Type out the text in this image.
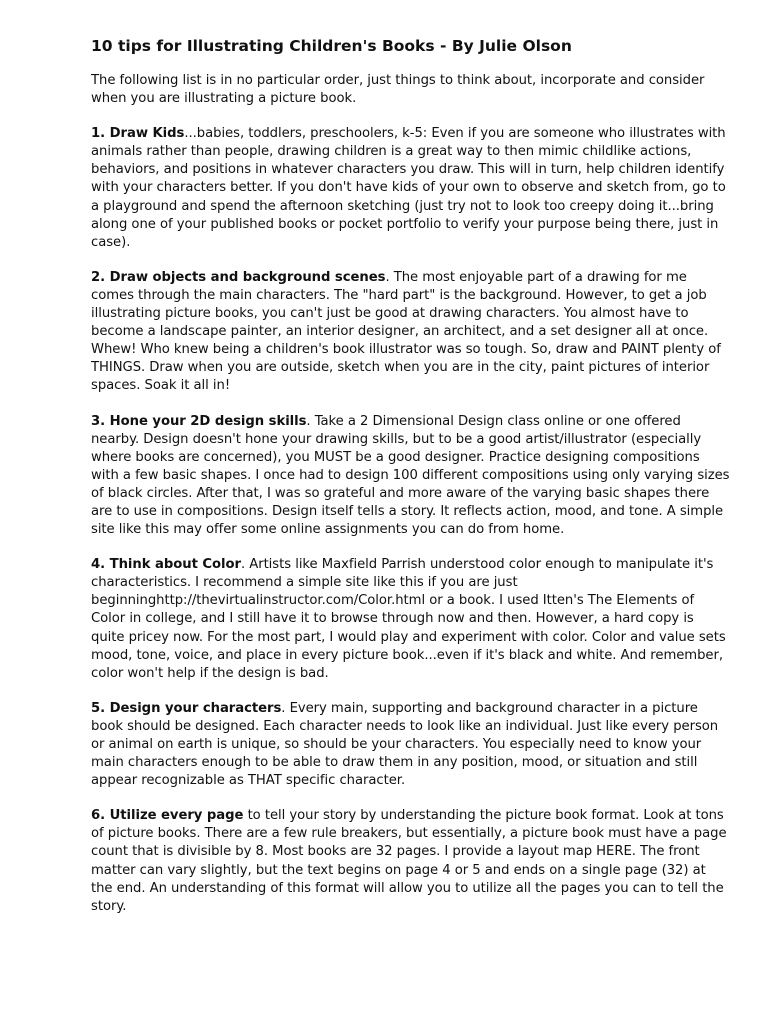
10 tips for Illustrating Children's Books - By Julie Olson

The following list is in no particular order, just things to think about, incorporate and consider when you are illustrating a picture book.

1. Draw Kids...babies, toddlers, preschoolers, k-5: Even if you are someone who illustrates with animals rather than people, drawing children is a great way to then mimic childlike actions, behaviors, and positions in whatever characters you draw. This will in turn, help children identify with your characters better. If you don't have kids of your own to observe and sketch from, go to a playground and spend the afternoon sketching (just try not to look too creepy doing it...bring along one of your published books or pocket portfolio to verify your purpose being there, just in case).

2. Draw objects and background scenes. The most enjoyable part of a drawing for me comes through the main characters. The "hard part" is the background. However, to get a job illustrating picture books, you can't just be good at drawing characters. You almost have to become a landscape painter, an interior designer, an architect, and a set designer all at once. Whew! Who knew being a children's book illustrator was so tough. So, draw and PAINT plenty of THINGS. Draw when you are outside, sketch when you are in the city, paint pictures of interior spaces. Soak it all in!

3. Hone your 2D design skills. Take a 2 Dimensional Design class online or one offered nearby. Design doesn't hone your drawing skills, but to be a good artist/illustrator (especially where books are concerned), you MUST be a good designer. Practice designing compositions with a few basic shapes. I once had to design 100 different compositions using only varying sizes of black circles. After that, I was so grateful and more aware of the varying basic shapes there are to use in compositions. Design itself tells a story. It reflects action, mood, and tone. A simple site like this may offer some online assignments you can do from home.

4. Think about Color. Artists like Maxfield Parrish understood color enough to manipulate it's characteristics. I recommend a simple site like this if you are just beginninghttp://thevirtualinstructor.com/Color.html or a book. I used Itten's The Elements of Color in college, and I still have it to browse through now and then. However, a hard copy is quite pricey now. For the most part, I would play and experiment with color. Color and value sets mood, tone, voice, and place in every picture book...even if it's black and white. And remember, color won't help if the design is bad.

5. Design your characters. Every main, supporting and background character in a picture book should be designed. Each character needs to look like an individual. Just like every person or animal on earth is unique, so should be your characters. You especially need to know your main characters enough to be able to draw them in any position, mood, or situation and still appear recognizable as THAT specific character.

6. Utilize every page to tell your story by understanding the picture book format. Look at tons of picture books. There are a few rule breakers, but essentially, a picture book must have a page count that is divisible by 8. Most books are 32 pages. I provide a layout map HERE. The front matter can vary slightly, but the text begins on page 4 or 5 and ends on a single page (32) at the end. An understanding of this format will allow you to utilize all the pages you can to tell the story.
